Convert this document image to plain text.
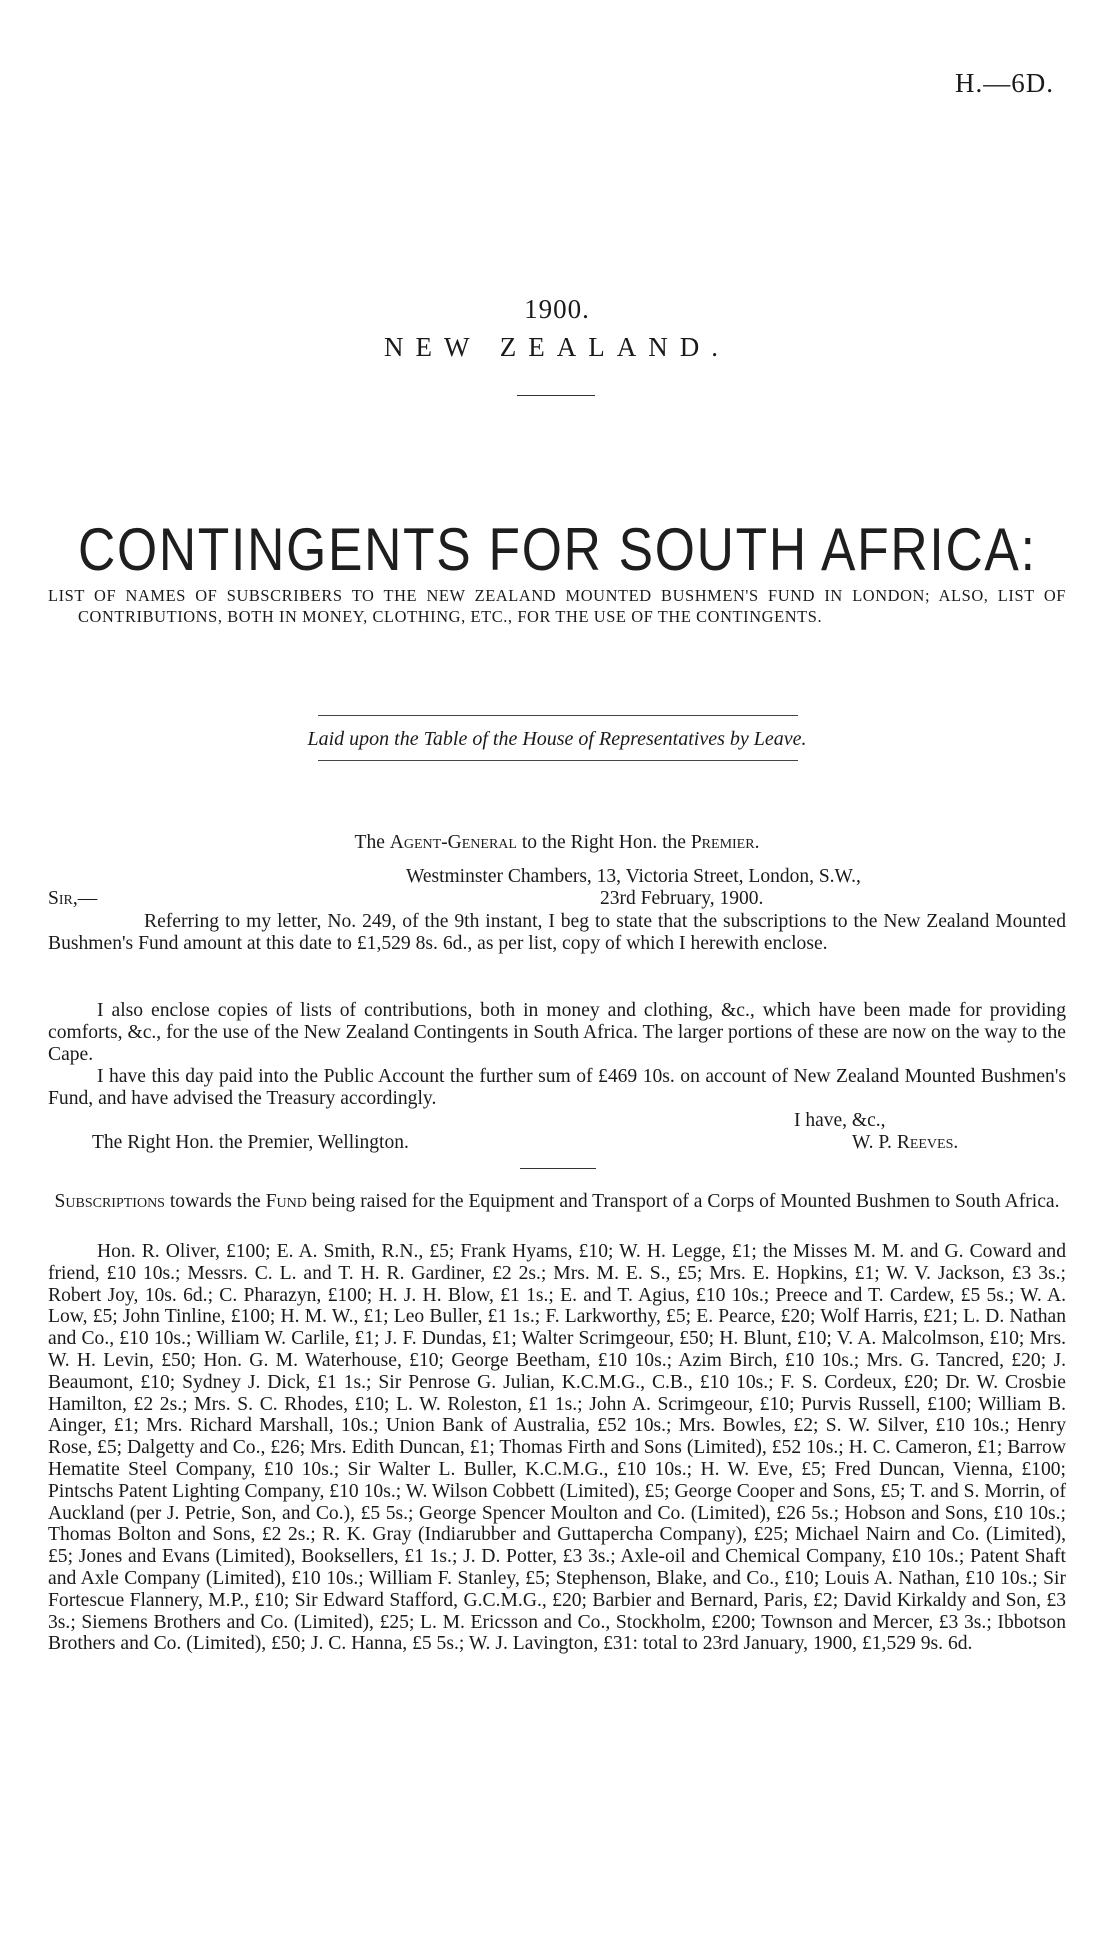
H.—6D.
1900.
NEW ZEALAND.
CONTINGENTS FOR SOUTH AFRICA:
LIST OF NAMES OF SUBSCRIBERS TO THE NEW ZEALAND MOUNTED BUSHMEN'S FUND IN LONDON; ALSO, LIST OF CONTRIBUTIONS, BOTH IN MONEY, CLOTHING, ETC., FOR THE USE OF THE CONTINGENTS.
Laid upon the Table of the House of Representatives by Leave.
The Agent-General to the Right Hon. the Premier.
Westminster Chambers, 13, Victoria Street, London, S.W.,
Sir,—	23rd February, 1900.

Referring to my letter, No. 249, of the 9th instant, I beg to state that the subscriptions to the New Zealand Mounted Bushmen's Fund amount at this date to £1,529 8s. 6d., as per list, copy of which I herewith enclose.

I also enclose copies of lists of contributions, both in money and clothing, &c., which have been made for providing comforts, &c., for the use of the New Zealand Contingents in South Africa. The larger portions of these are now on the way to the Cape.

I have this day paid into the Public Account the further sum of £469 10s. on account of New Zealand Mounted Bushmen's Fund, and have advised the Treasury accordingly.

I have, &c.,
The Right Hon. the Premier, Wellington.	W. P. Reeves.
Subscriptions towards the Fund being raised for the Equipment and Transport of a Corps of Mounted Bushmen to South Africa.

Hon. R. Oliver, £100; E. A. Smith, R.N., £5; Frank Hyams, £10; W. H. Legge, £1; the Misses M. M. and G. Coward and friend, £10 10s.; Messrs. C. L. and T. H. R. Gardiner, £2 2s.; Mrs. M. E. S., £5; Mrs. E. Hopkins, £1; W. V. Jackson, £3 3s.; Robert Joy, 10s. 6d.; C. Pharazyn, £100; H. J. H. Blow, £1 1s.; E. and T. Agius, £10 10s.; Preece and T. Cardew, £5 5s.; W. A. Low, £5; John Tinline, £100; H. M. W., £1; Leo Buller, £1 1s.; F. Larkworthy, £5; E. Pearce, £20; Wolf Harris, £21; L. D. Nathan and Co., £10 10s.; William W. Carlile, £1; J. F. Dundas, £1; Walter Scrimgeour, £50; H. Blunt, £10; V. A. Malcolmson, £10; Mrs. W. H. Levin, £50; Hon. G. M. Waterhouse, £10; George Beetham, £10 10s.; Azim Birch, £10 10s.; Mrs. G. Tancred, £20; J. Beaumont, £10; Sydney J. Dick, £1 1s.; Sir Penrose G. Julian, K.C.M.G., C.B., £10 10s.; F. S. Cordeux, £20; Dr. W. Crosbie Hamilton, £2 2s.; Mrs. S. C. Rhodes, £10; L. W. Roleston, £1 1s.; John A. Scrimgeour, £10; Purvis Russell, £100; William B. Ainger, £1; Mrs. Richard Marshall, 10s.; Union Bank of Australia, £52 10s.; Mrs. Bowles, £2; S. W. Silver, £10 10s.; Henry Rose, £5; Dalgetty and Co., £26; Mrs. Edith Duncan, £1; Thomas Firth and Sons (Limited), £52 10s.; H. C. Cameron, £1; Barrow Hematite Steel Company, £10 10s.; Sir Walter L. Buller, K.C.M.G., £10 10s.; H. W. Eve, £5; Fred Duncan, Vienna, £100; Pintschs Patent Lighting Company, £10 10s.; W. Wilson Cobbett (Limited), £5; George Cooper and Sons, £5; T. and S. Morrin, of Auckland (per J. Petrie, Son, and Co.), £5 5s.; George Spencer Moulton and Co. (Limited), £26 5s.; Hobson and Sons, £10 10s.; Thomas Bolton and Sons, £2 2s.; R. K. Gray (Indiarubber and Guttapercha Company), £25; Michael Nairn and Co. (Limited), £5; Jones and Evans (Limited), Booksellers, £1 1s.; J. D. Potter, £3 3s.; Axle-oil and Chemical Company, £10 10s.; Patent Shaft and Axle Company (Limited), £10 10s.; William F. Stanley, £5; Stephenson, Blake, and Co., £10; Louis A. Nathan, £10 10s.; Sir Fortescue Flannery, M.P., £10; Sir Edward Stafford, G.C.M.G., £20; Barbier and Bernard, Paris, £2; David Kirkaldy and Son, £3 3s.; Siemens Brothers and Co. (Limited), £25; L. M. Ericsson and Co., Stockholm, £200; Townson and Mercer, £3 3s.; Ibbotson Brothers and Co. (Limited), £50; J. C. Hanna, £5 5s.; W. J. Lavington, £31: total to 23rd January, 1900, £1,529 9s. 6d.
